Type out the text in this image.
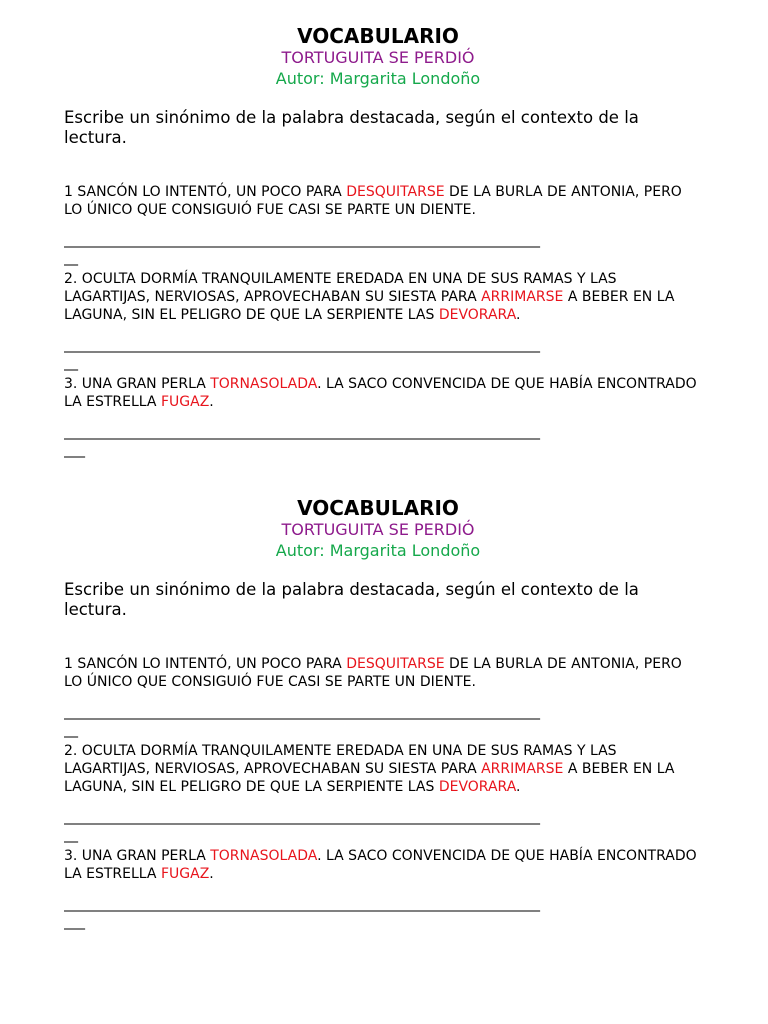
VOCABULARIO

TORTUGUITA SE PERDIÓ

Autor: Margarita Londoño

Escribe un sinónimo de la palabra destacada, según el contexto de la lectura.

1 SANCÓN LO INTENTÓ, UN POCO PARA DESQUITARSE DE LA BURLA DE ANTONIA, PERO LO ÚNICO QUE CONSIGUIÓ FUE CASI SE PARTE UN DIENTE.

____________________________________________________________________
__

2. OCULTA DORMÍA TRANQUILAMENTE EREDADA EN UNA DE SUS RAMAS Y LAS LAGARTIJAS, NERVIOSAS, APROVECHABAN SU SIESTA PARA ARRIMARSE A BEBER EN LA LAGUNA, SIN EL PELIGRO DE QUE LA SERPIENTE LAS DEVORARA.

____________________________________________________________________
__

3. UNA GRAN PERLA TORNASOLADA. LA SACO CONVENCIDA DE QUE HABÍA ENCONTRADO LA ESTRELLA FUGAZ.

____________________________________________________________________
___
VOCABULARIO

TORTUGUITA SE PERDIÓ

Autor: Margarita Londoño

Escribe un sinónimo de la palabra destacada, según el contexto de la lectura.

1 SANCÓN LO INTENTÓ, UN POCO PARA DESQUITARSE DE LA BURLA DE ANTONIA, PERO LO ÚNICO QUE CONSIGUIÓ FUE CASI SE PARTE UN DIENTE.

____________________________________________________________________
__

2. OCULTA DORMÍA TRANQUILAMENTE EREDADA EN UNA DE SUS RAMAS Y LAS LAGARTIJAS, NERVIOSAS, APROVECHABAN SU SIESTA PARA ARRIMARSE A BEBER EN LA LAGUNA, SIN EL PELIGRO DE QUE LA SERPIENTE LAS DEVORARA.

____________________________________________________________________
__

3. UNA GRAN PERLA TORNASOLADA. LA SACO CONVENCIDA DE QUE HABÍA ENCONTRADO LA ESTRELLA FUGAZ.

____________________________________________________________________
___
